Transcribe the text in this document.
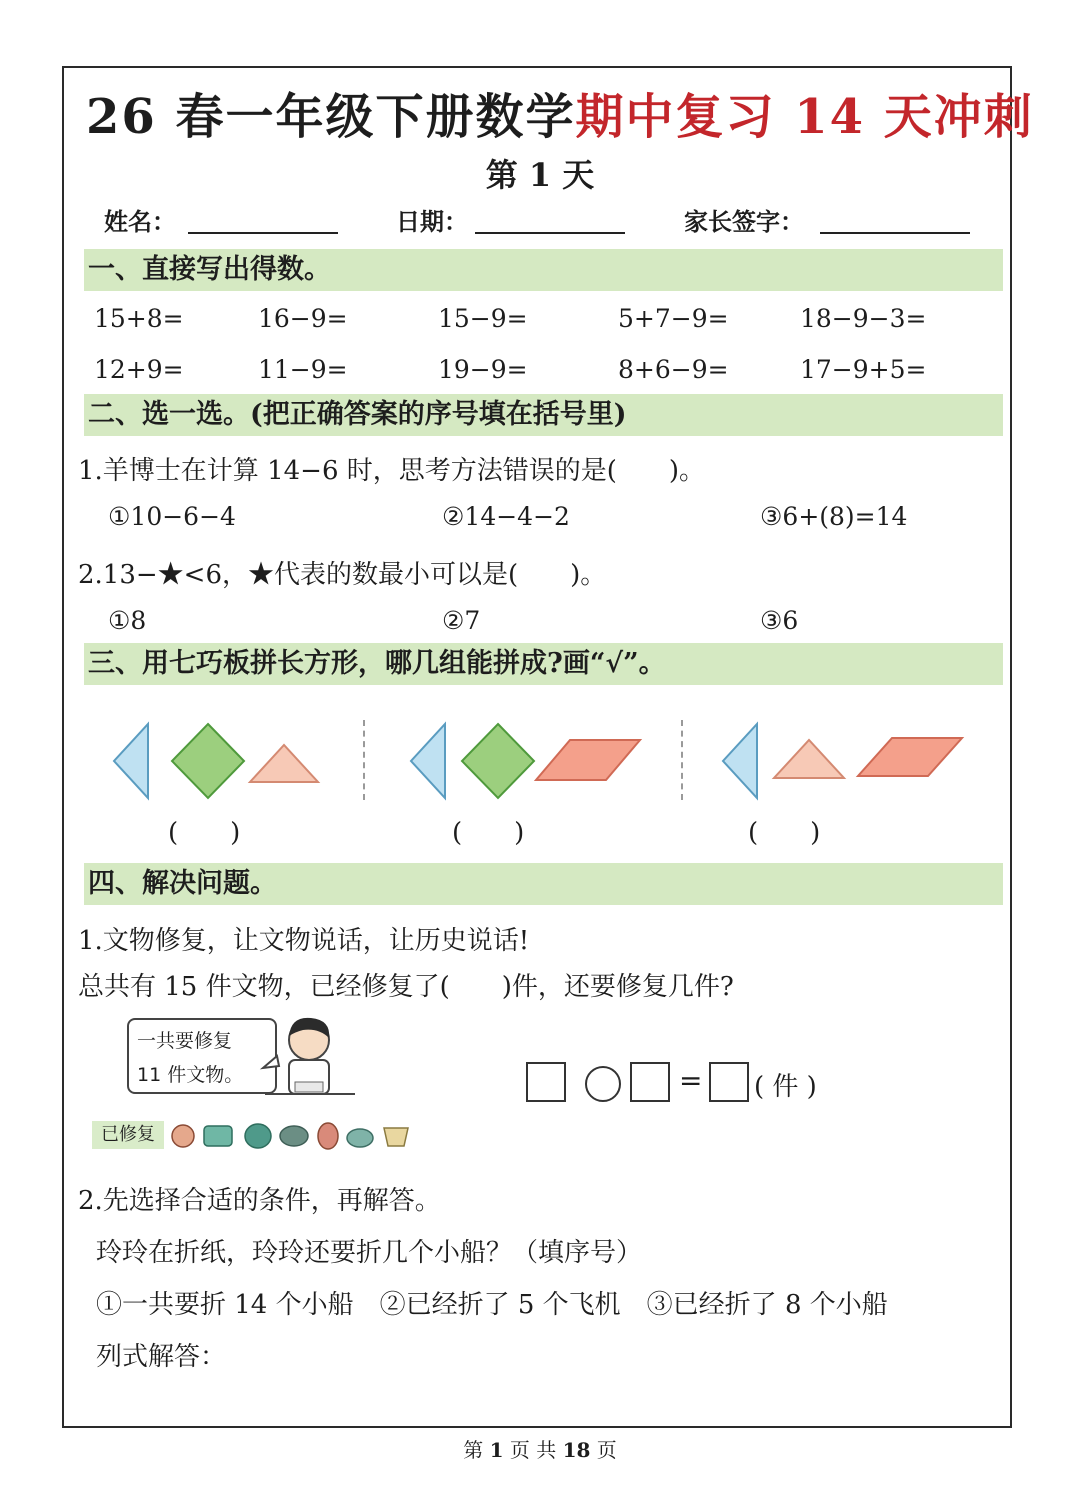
26 春一年级下册数学期中复习 14 天冲刺
第 1 天
姓名：	日期：	家长签字：
一、直接写出得数。
15+8=	16−9=	15−9=	5+7−9=	18−9−3=
12+9=	11−9=	19−9=	8+6−9=	17−9+5=
二、选一选。(把正确答案的序号填在括号里)
1.羊博士在计算 14−6 时，思考方法错误的是(　　)。
①10−6−4	②14−4−2	③6+(8)=14
2.13−★<6，★代表的数最小可以是(　　)。
①8	②7	③6
三、用七巧板拼长方形，哪几组能拼成?画“√”。
(　　)	(　　)	(　　)
四、解决问题。
1.文物修复，让文物说话，让历史说话!
总共有 15 件文物，已经修复了(　　)件，还要修复几件?
一共要修复
11 件文物。
已修复
= ( 件 )
2.先选择合适的条件，再解答。
玲玲在折纸，玲玲还要折几个小船？（填序号）
①一共要折 14 个小船　②已经折了 5 个飞机　③已经折了 8 个小船
列式解答：
第 1 页 共 18 页
